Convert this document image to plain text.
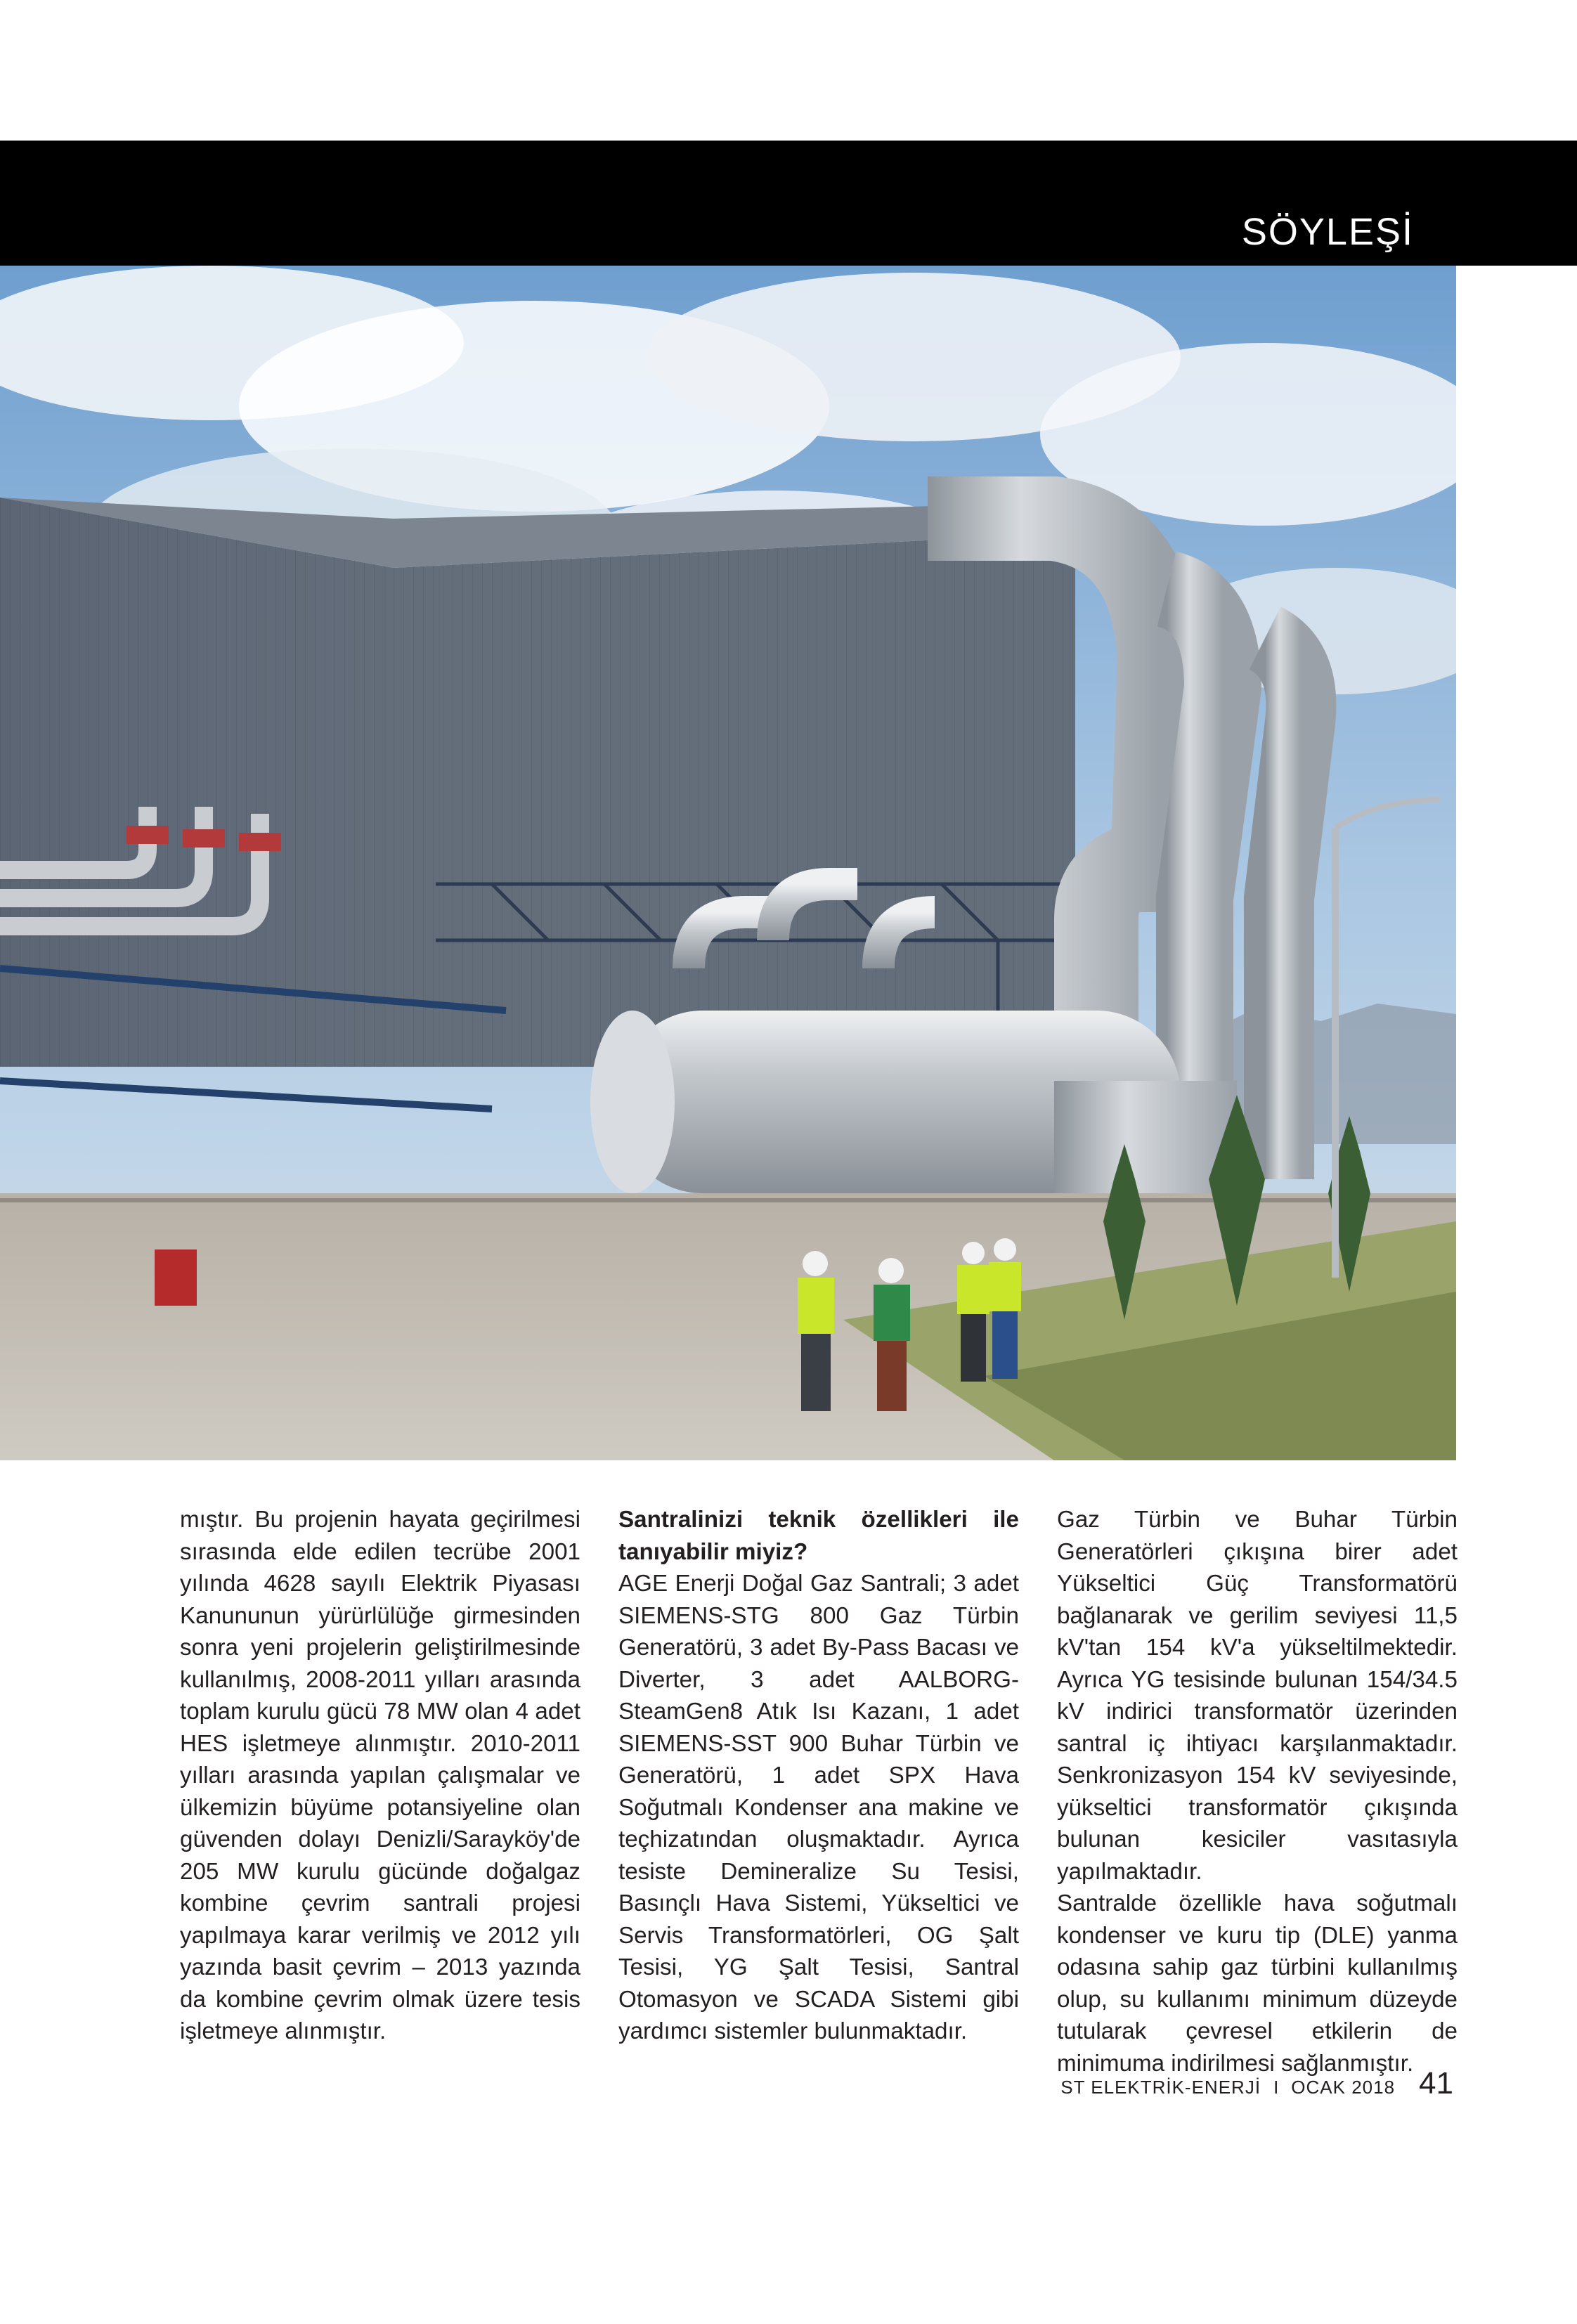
SÖYLEŞİ

mıştır. Bu projenin hayata geçirilmesi sırasında elde edilen tecrübe 2001 yılında 4628 sayılı Elektrik Piyasası Kanununun yürürlülüğe girmesinden sonra yeni projelerin geliştirilmesinde kullanılmış, 2008-2011 yılları arasında toplam kurulu gücü 78 MW olan 4 adet HES işletmeye alınmıştır. 2010-2011 yılları arasında yapılan çalışmalar ve ülkemizin büyüme potansiyeline olan güvenden dolayı Denizli/Sarayköy'de 205 MW kurulu gücünde doğalgaz kombine çevrim santrali projesi yapılmaya karar verilmiş ve 2012 yılı yazında basit çevrim – 2013 yazında da kombine çevrim olmak üzere tesis işletmeye alınmıştır.

Santralinizi teknik özellikleri ile tanıyabilir miyiz?

AGE Enerji Doğal Gaz Santrali; 3 adet SIEMENS-STG 800 Gaz Türbin Generatörü, 3 adet By-Pass Bacası ve Diverter, 3 adet AALBORG-SteamGen8 Atık Isı Kazanı, 1 adet SIEMENS-SST 900 Buhar Türbin ve Generatörü, 1 adet SPX Hava Soğutmalı Kondenser ana makine ve teçhizatından oluşmaktadır. Ayrıca tesiste Demineralize Su Tesisi, Basınçlı Hava Sistemi, Yükseltici ve Servis Transformatörleri, OG Şalt Tesisi, YG Şalt Tesisi, Santral Otomasyon ve SCADA Sistemi gibi yardımcı sistemler bulunmaktadır.

Gaz Türbin ve Buhar Türbin Generatörleri çıkışına birer adet Yükseltici Güç Transformatörü bağlanarak ve gerilim seviyesi 11,5 kV'tan 154 kV'a yükseltilmektedir. Ayrıca YG tesisinde bulunan 154/34.5 kV indirici transformatör üzerinden santral iç ihtiyacı karşılanmaktadır. Senkronizasyon 154 kV seviyesinde, yükseltici transformatör çıkışında bulunan kesiciler vasıtasıyla yapılmaktadır.

Santralde özellikle hava soğutmalı kondenser ve kuru tip (DLE) yanma odasına sahip gaz türbini kullanılmış olup, su kullanımı minimum düzeyde tutularak çevresel etkilerin de minimuma indirilmesi sağlanmıştır.

ST ELEKTRİK-ENERJİ I OCAK 2018 41
